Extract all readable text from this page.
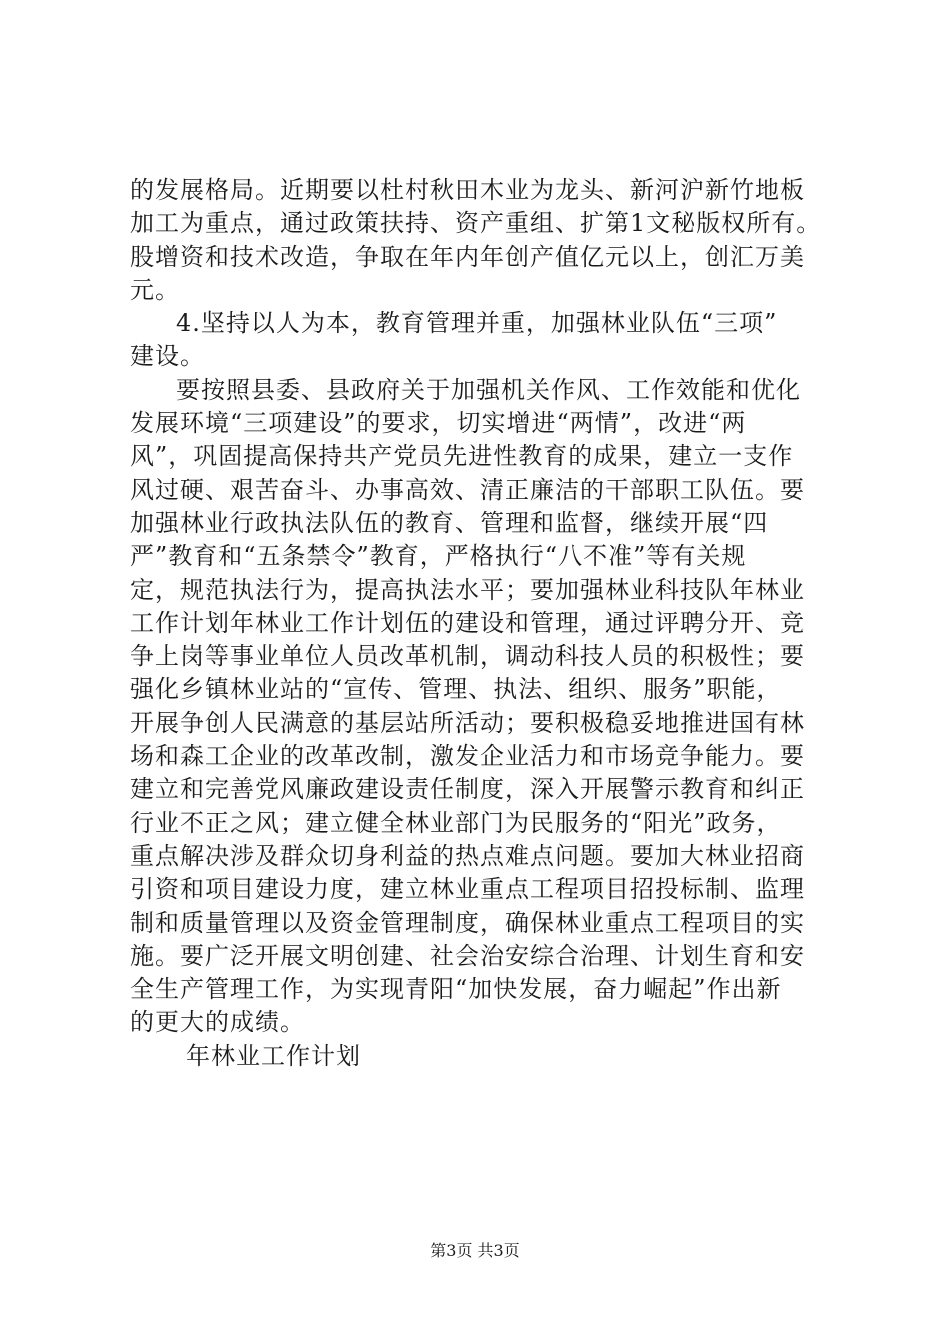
的发展格局。近期要以杜村秋田木业为龙头、新河沪新竹地板
加工为重点，通过政策扶持、资产重组、扩第1文秘版权所有。
股增资和技术改造，争取在年内年创产值亿元以上，创汇万美
元。
4.坚持以人为本，教育管理并重，加强林业队伍“三项”
建设。
要按照县委、县政府关于加强机关作风、工作效能和优化
发展环境“三项建设”的要求，切实增进“两情”，改进“两
风”，巩固提高保持共产党员先进性教育的成果，建立一支作
风过硬、艰苦奋斗、办事高效、清正廉洁的干部职工队伍。要
加强林业行政执法队伍的教育、管理和监督，继续开展“四
严”教育和“五条禁令”教育，严格执行“八不准”等有关规
定，规范执法行为，提高执法水平；要加强林业科技队年林业
工作计划年林业工作计划伍的建设和管理，通过评聘分开、竞
争上岗等事业单位人员改革机制，调动科技人员的积极性；要
强化乡镇林业站的“宣传、管理、执法、组织、服务”职能，
开展争创人民满意的基层站所活动；要积极稳妥地推进国有林
场和森工企业的改革改制，激发企业活力和市场竞争能力。要
建立和完善党风廉政建设责任制度，深入开展警示教育和纠正
行业不正之风；建立健全林业部门为民服务的“阳光”政务，
重点解决涉及群众切身利益的热点难点问题。要加大林业招商
引资和项目建设力度，建立林业重点工程项目招投标制、监理
制和质量管理以及资金管理制度，确保林业重点工程项目的实
施。要广泛开展文明创建、社会治安综合治理、计划生育和安
全生产管理工作，为实现青阳“加快发展，奋力崛起”作出新
的更大的成绩。
年林业工作计划
第3页 共3页
